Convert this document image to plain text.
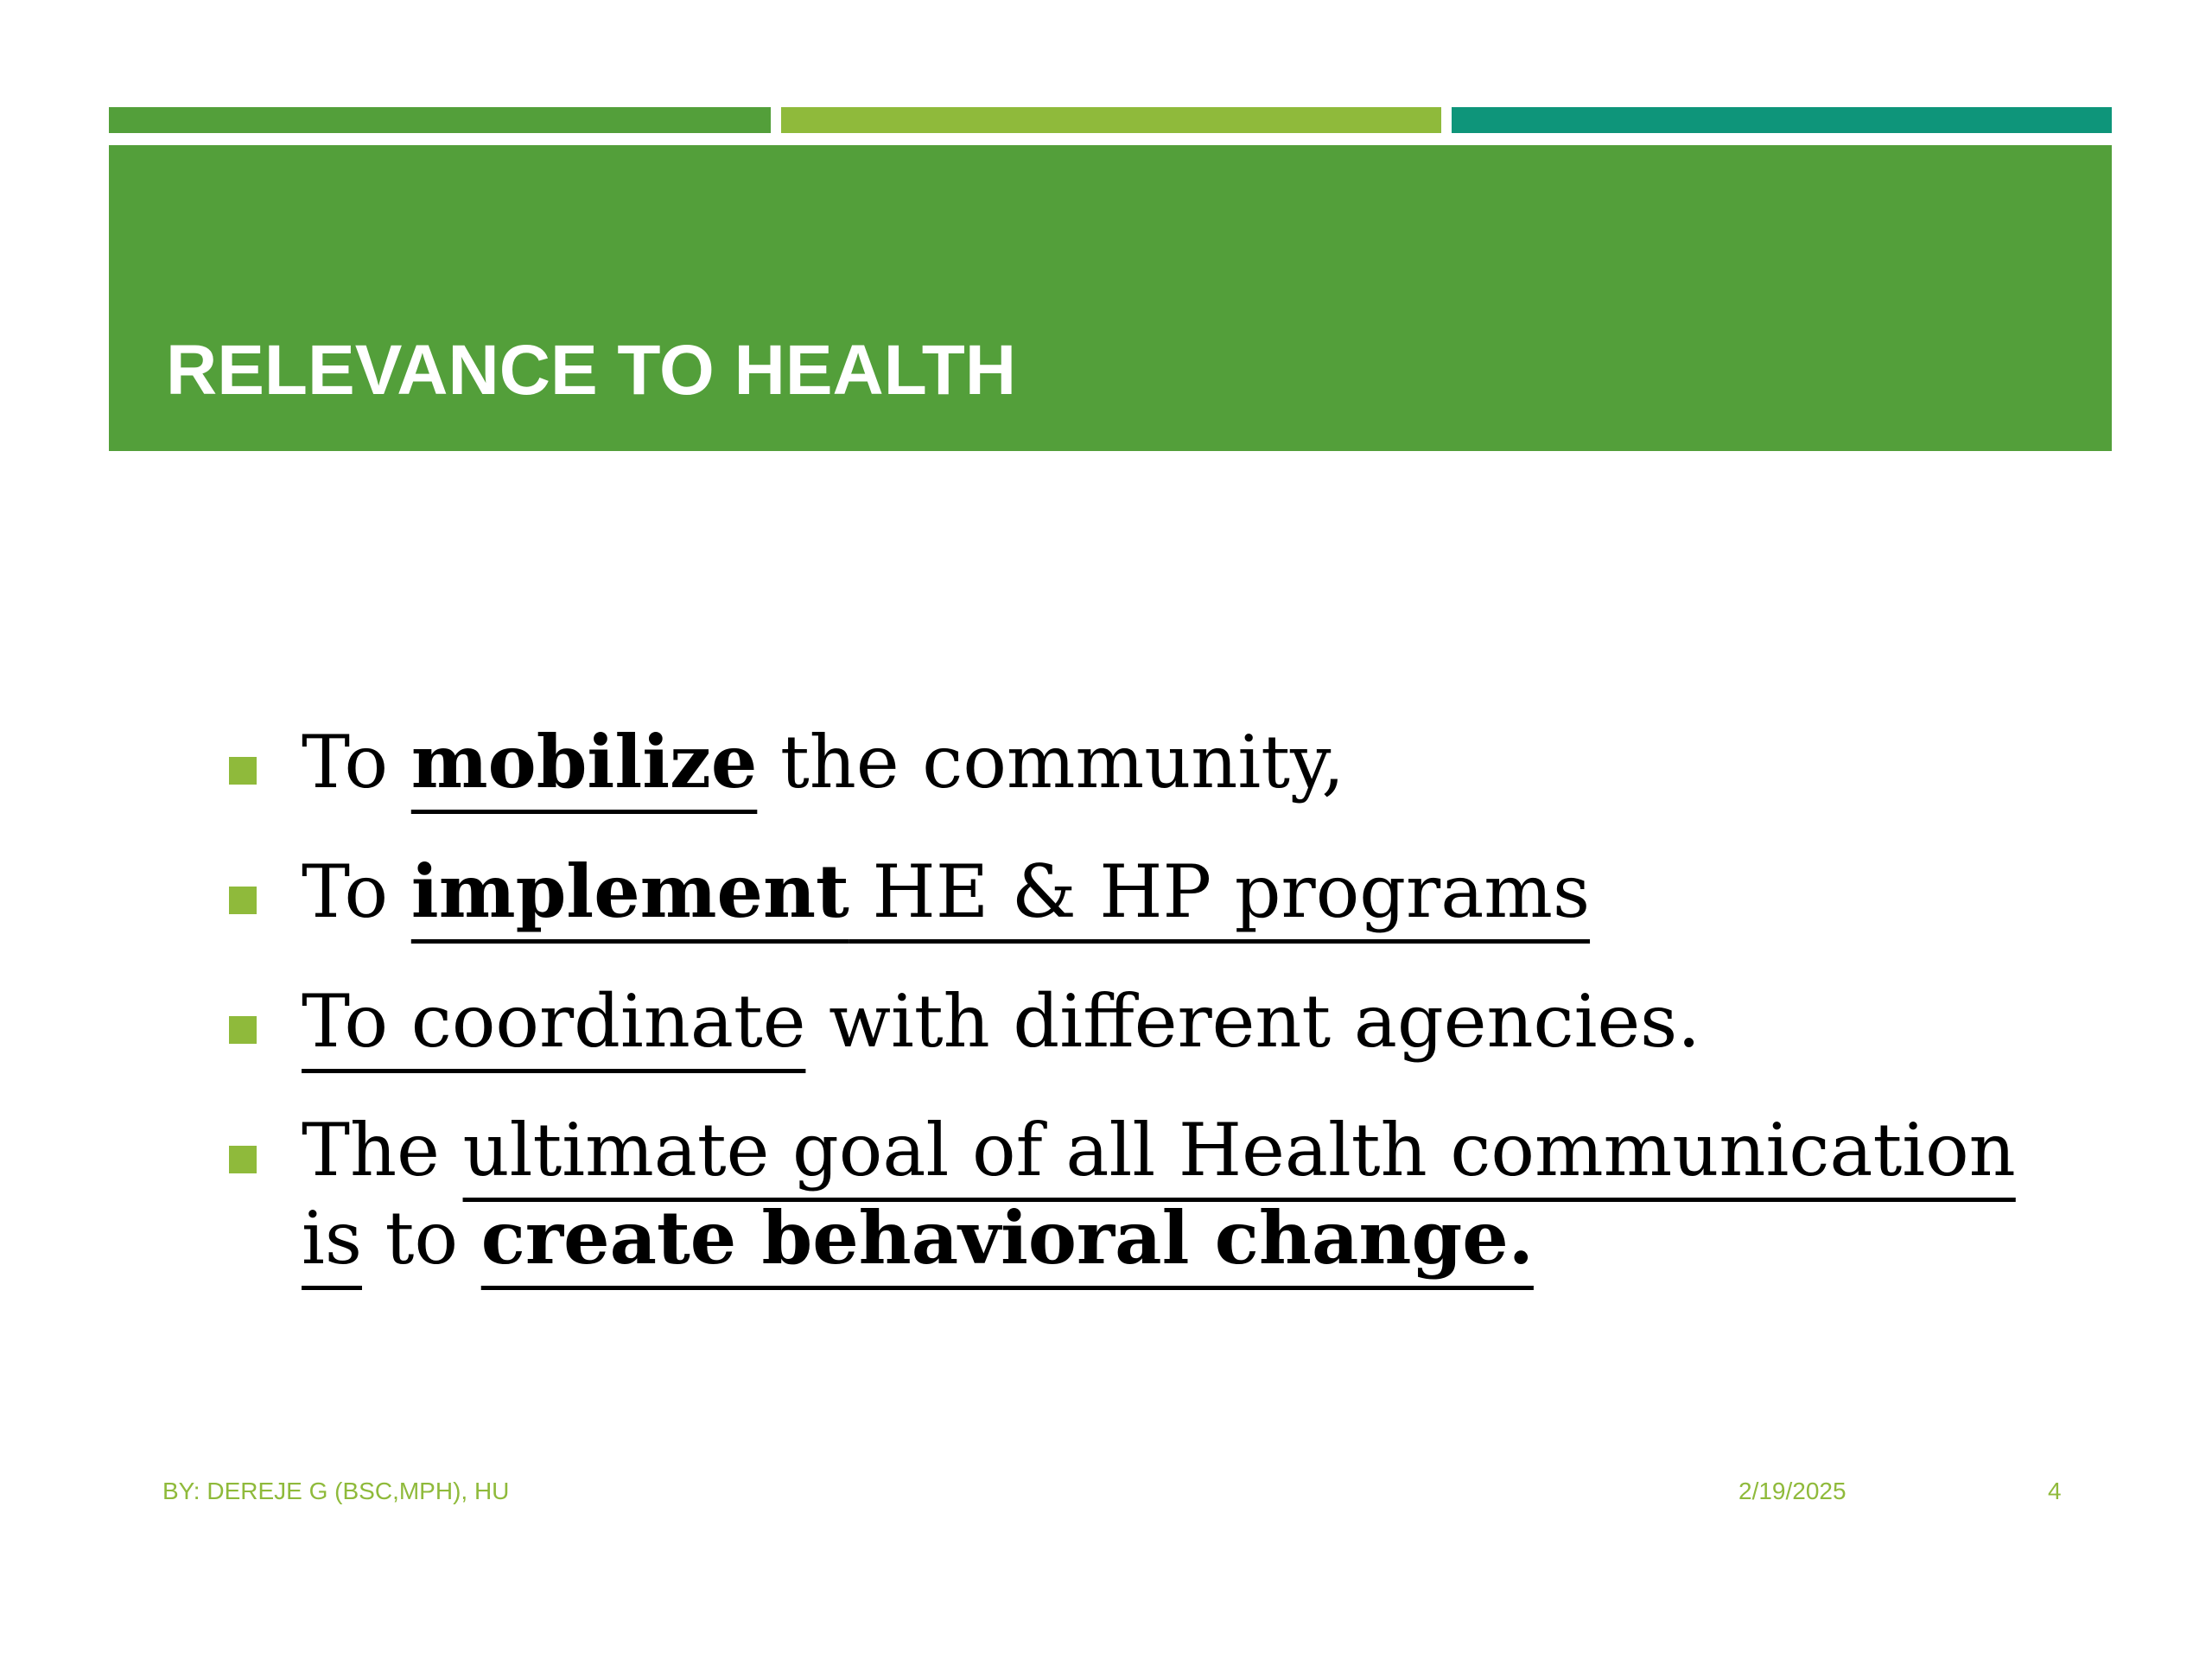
RELEVANCE TO HEALTH
To mobilize the community,
To implement HE & HP programs
To coordinate with different agencies.
The ultimate goal of all Health communication is to create behavioral change.
BY: DEREJE G (BSC,MPH), HU	2/19/2025	4
